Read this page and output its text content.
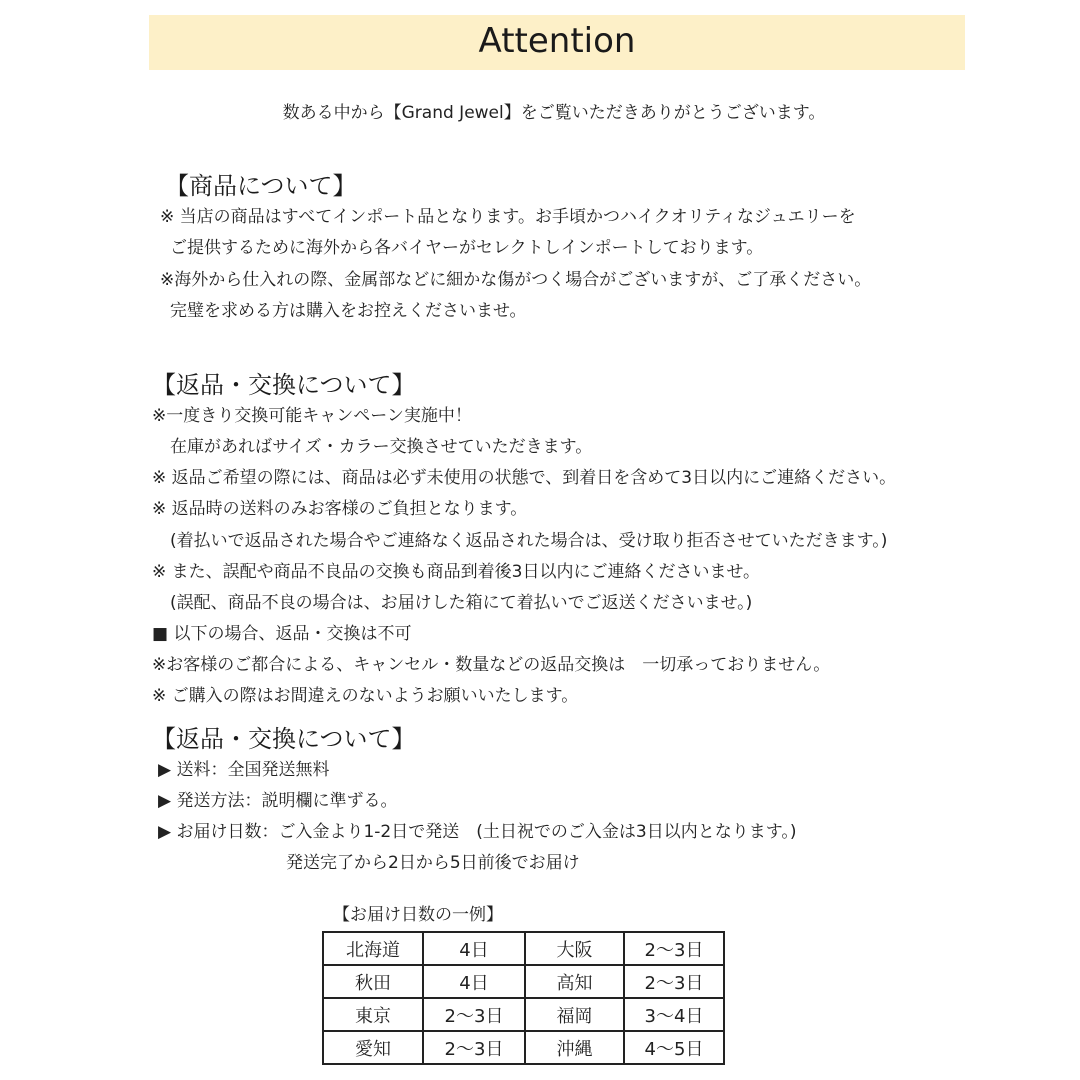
Attention
数ある中から【Grand Jewel】をご覧いただきありがとうございます。
【商品について】
※ 当店の商品はすべてインポート品となります。お手頃かつハイクオリティなジュエリーを
ご提供するために海外から各バイヤーがセレクトしインポートしております。
※海外から仕入れの際、金属部などに細かな傷がつく場合がございますが、ご了承ください。
完璧を求める方は購入をお控えくださいませ。
【返品・交換について】
※一度きり交換可能キャンペーン実施中！
在庫があればサイズ・カラー交換させていただきます。
※ 返品ご希望の際には、商品は必ず未使用の状態で、到着日を含めて3日以内にご連絡ください。
※ 返品時の送料のみお客様のご負担となります。
(着払いで返品された場合やご連絡なく返品された場合は、受け取り拒否させていただきます。)
※ また、誤配や商品不良品の交換も商品到着後3日以内にご連絡くださいませ。
(誤配、商品不良の場合は、お届けした箱にて着払いでご返送くださいませ。)
■ 以下の場合、返品・交換は不可
※お客様のご都合による、キャンセル・数量などの返品交換は　一切承っておりません。
※ ご購入の際はお間違えのないようお願いいたします。
【返品・交換について】
▶ 送料：全国発送無料
▶ 発送方法：説明欄に準ずる。
▶ お届け日数：ご入金より1-2日で発送　(土日祝でのご入金は3日以内となります。)
発送完了から2日から5日前後でお届け
【お届け日数の一例】
北海道	4日	大阪	2〜3日
秋田	4日	高知	2〜3日
東京	2〜3日	福岡	3〜4日
愛知	2〜3日	沖縄	4〜5日
